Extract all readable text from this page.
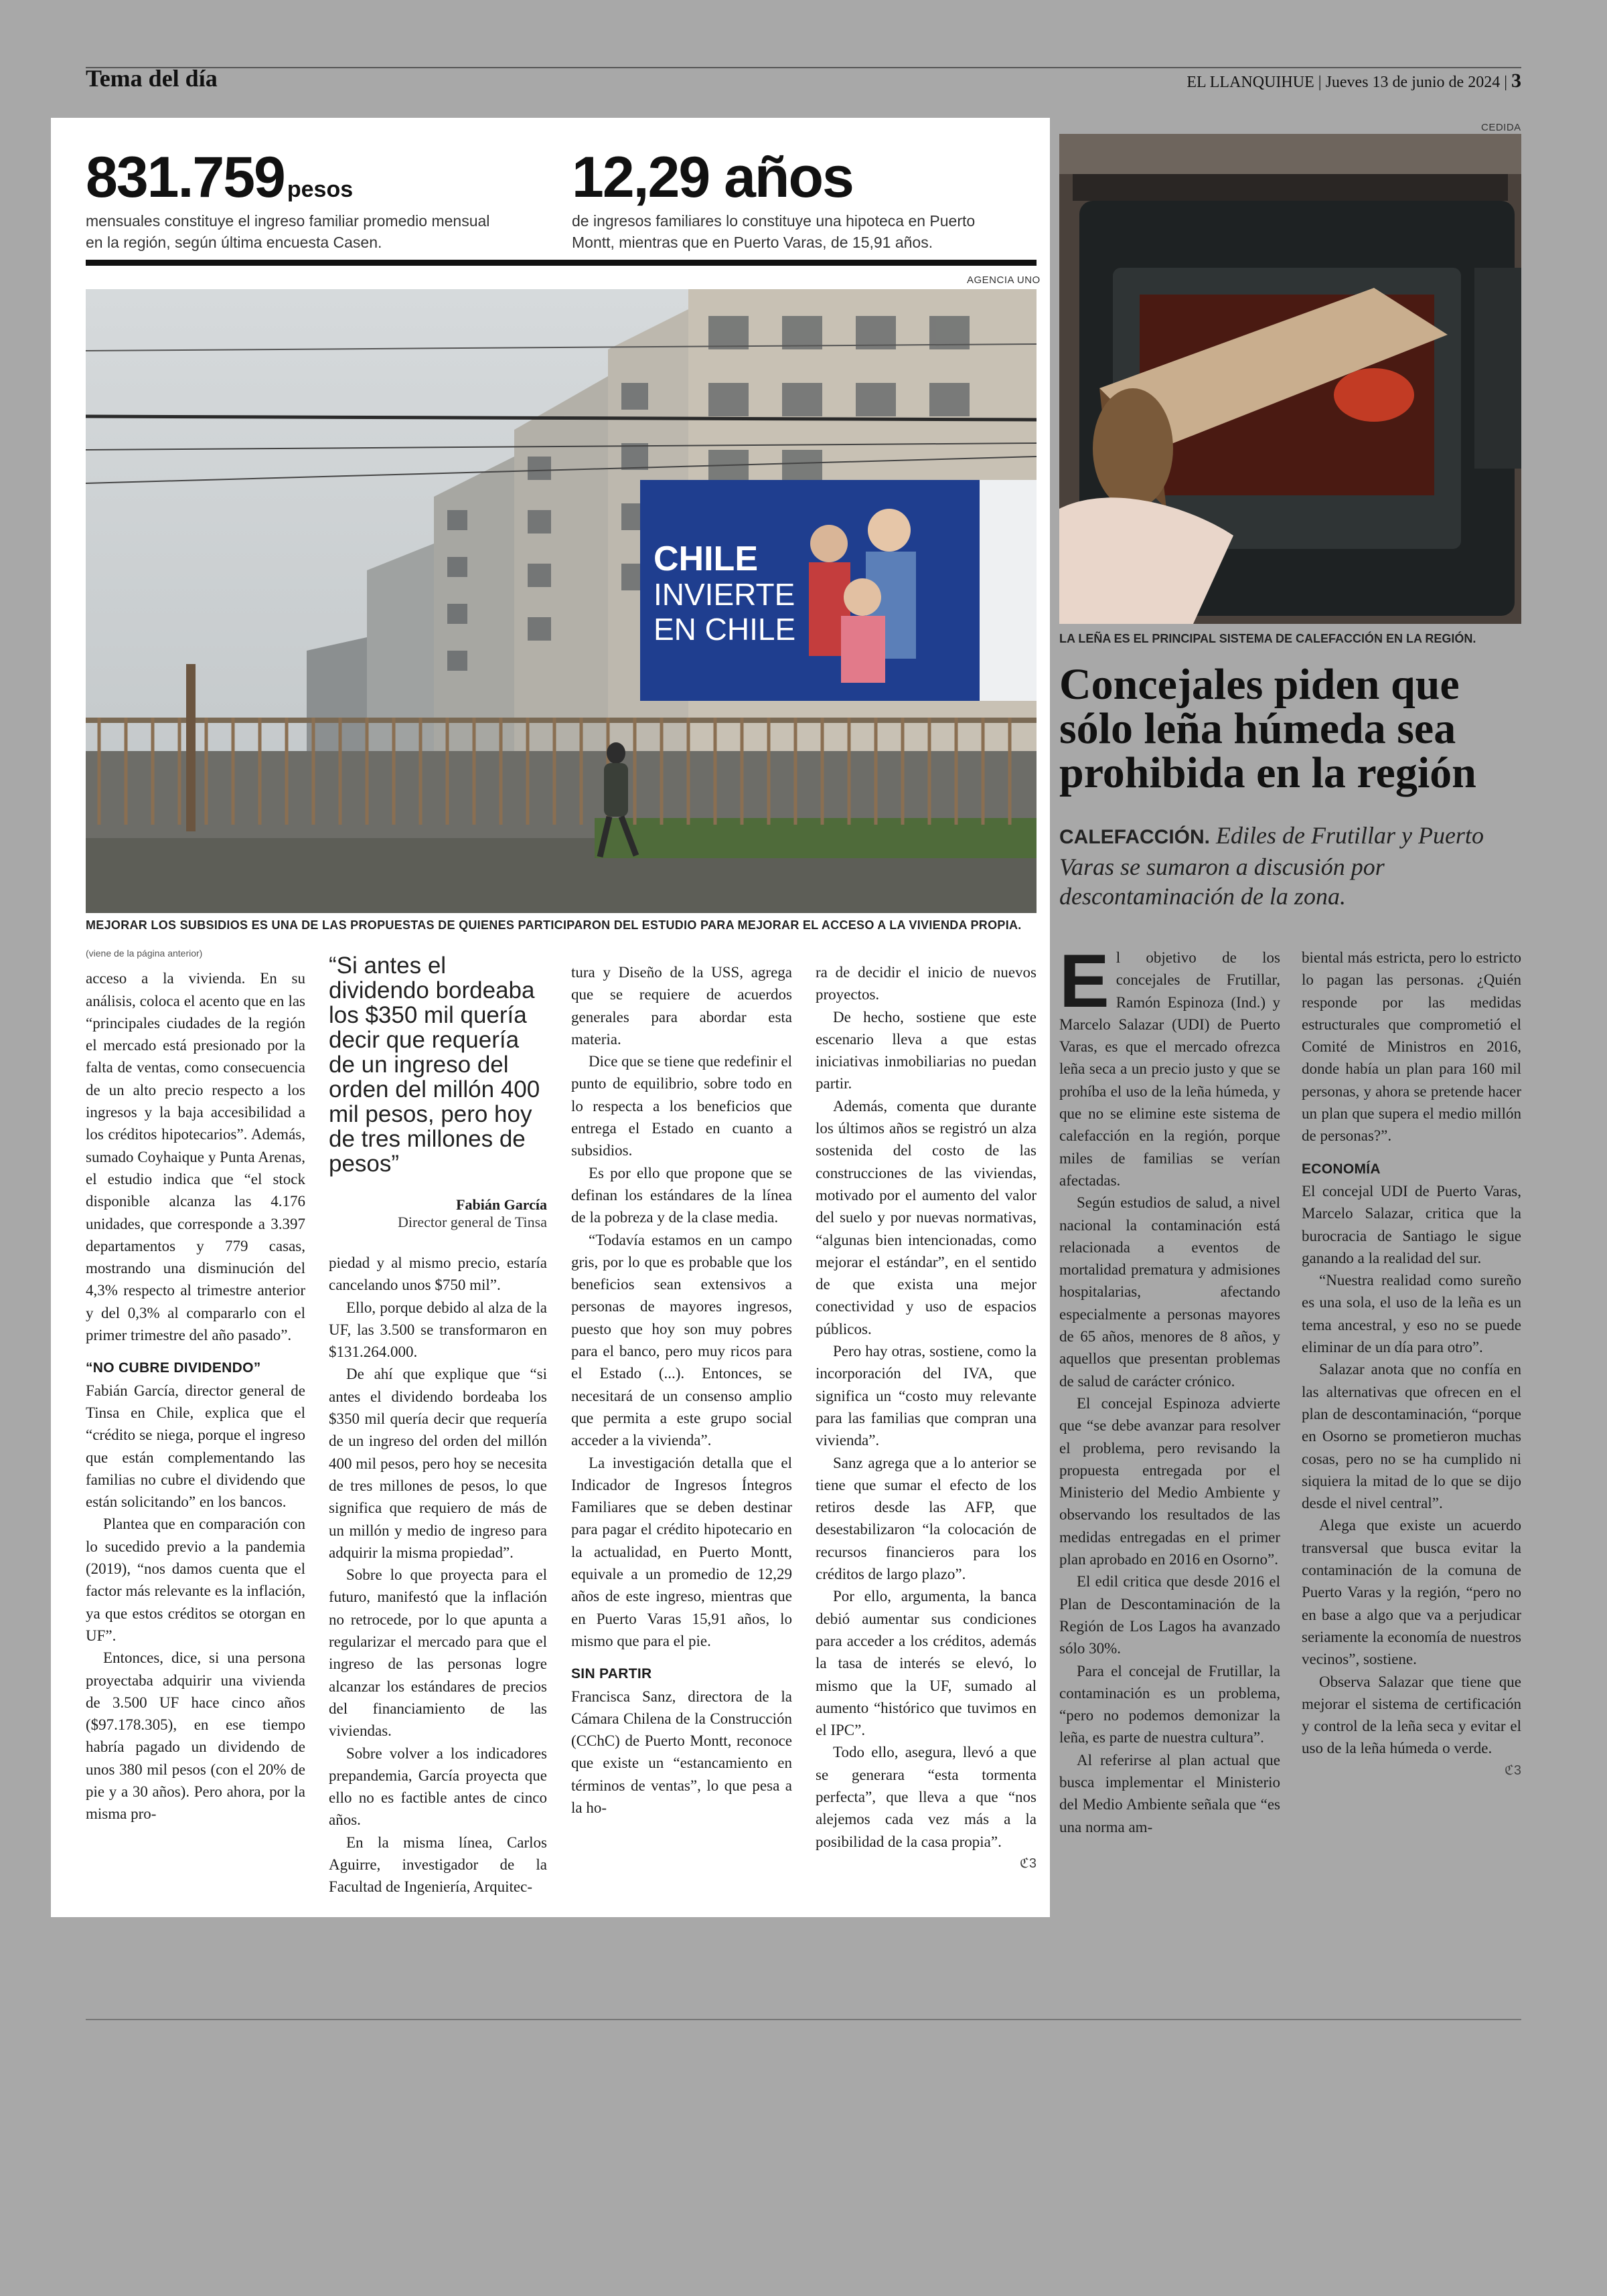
Tema del día	EL LLANQUIHUE | Jueves 13 de junio de 2024 | 3
831.759 pesos
mensuales constituye el ingreso familiar promedio mensual
en la región, según última encuesta Casen.
12,29 años
de ingresos familiares lo constituye una hipoteca en Puerto
Montt, mientras que en Puerto Varas, de 15,91 años.
AGENCIA UNO
CHILE
INVIERTE
EN CHILE
MEJORAR LOS SUBSIDIOS ES UNA DE LAS PROPUESTAS DE QUIENES PARTICIPARON DEL ESTUDIO PARA MEJORAR EL ACCESO A LA VIVIENDA PROPIA.
(viene de la página anterior)

acceso a la vivienda. En su análisis, coloca el acento que en las “principales ciudades de la región el mercado está presionado por la falta de ventas, como consecuencia de un alto precio respecto a los ingresos y la baja accesibilidad a los créditos hipotecarios”. Además, sumado Coyhaique y Punta Arenas, el estudio indica que “el stock disponible alcanza las 4.176 unidades, que corresponde a 3.397 departamentos y 779 casas, mostrando una disminución del 4,3% respecto al trimestre anterior y del 0,3% al compararlo con el primer trimestre del año pasado”.

“NO CUBRE DIVIDENDO”

Fabián García, director general de Tinsa en Chile, explica que el “crédito se niega, porque el ingreso que están complementando las familias no cubre el dividendo que están solicitando” en los bancos.

Plantea que en comparación con lo sucedido previo a la pandemia (2019), “nos damos cuenta que el factor más relevante es la inflación, ya que estos créditos se otorgan en UF”.

Entonces, dice, si una persona proyectaba adquirir una vivienda de 3.500 UF hace cinco años ($97.178.305), en ese tiempo habría pagado un dividendo de unos 380 mil pesos (con el 20% de pie y a 30 años). Pero ahora, por la misma pro-

“Si antes el dividendo bordeaba los $350 mil quería decir que requería de un ingreso del orden del millón 400 mil pesos, pero hoy de tres millones de pesos”
Fabián García
Director general de Tinsa

piedad y al mismo precio, estaría cancelando unos $750 mil”.

Ello, porque debido al alza de la UF, las 3.500 se transformaron en $131.264.000.

De ahí que explique que “si antes el dividendo bordeaba los $350 mil quería decir que requería de un ingreso del orden del millón 400 mil pesos, pero hoy se necesita de tres millones de pesos, lo que significa que requiero de más de un millón y medio de ingreso para adquirir la misma propiedad”.

Sobre lo que proyecta para el futuro, manifestó que la inflación no retrocede, por lo que apunta a regularizar el mercado para que el ingreso de las personas logre alcanzar los estándares de precios del financiamiento de las viviendas.

Sobre volver a los indicadores prepandemia, García proyecta que ello no es factible antes de cinco años.

En la misma línea, Carlos Aguirre, investigador de la Facultad de Ingeniería, Arquitec-

tura y Diseño de la USS, agrega que se requiere de acuerdos generales para abordar esta materia.

Dice que se tiene que redefinir el punto de equilibrio, sobre todo en lo respecta a los beneficios que entrega el Estado en cuanto a subsidios.

Es por ello que propone que se definan los estándares de la línea de la pobreza y de la clase media.

“Todavía estamos en un campo gris, por lo que es probable que los beneficios sean extensivos a personas de mayores ingresos, puesto que hoy son muy pobres para el banco, pero muy ricos para el Estado (...). Entonces, se necesitará de un consenso amplio que permita a este grupo social acceder a la vivienda”.

La investigación detalla que el Indicador de Ingresos Íntegros Familiares que se deben destinar para pagar el crédito hipotecario en la actualidad, en Puerto Montt, equivale a un promedio de 12,29 años de este ingreso, mientras que en Puerto Varas 15,91 años, lo mismo que para el pie.

SIN PARTIR

Francisca Sanz, directora de la Cámara Chilena de la Construcción (CChC) de Puerto Montt, reconoce que existe un “estancamiento en términos de ventas”, lo que pesa a la ho-

ra de decidir el inicio de nuevos proyectos.

De hecho, sostiene que este escenario lleva a que estas iniciativas inmobiliarias no puedan partir.

Además, comenta que durante los últimos años se registró un alza sostenida del costo de las construcciones de las viviendas, motivado por el aumento del valor del suelo y por nuevas normativas, “algunas bien intencionadas, como mejorar el estándar”, en el sentido de que exista una mejor conectividad y uso de espacios públicos.

Pero hay otras, sostiene, como la incorporación del IVA, que significa un “costo muy relevante para las familias que compran una vivienda”.

Sanz agrega que a lo anterior se tiene que sumar el efecto de los retiros desde las AFP, que desestabilizaron “la colocación de recursos financieros para los créditos de largo plazo”.

Por ello, argumenta, la banca debió aumentar sus condiciones para acceder a los créditos, además la tasa de interés se elevó, lo mismo que la UF, sumado al aumento “histórico que tuvimos en el IPC”.

Todo ello, asegura, llevó a que se generara “esta tormenta perfecta”, que lleva a que “nos alejemos cada vez más a la posibilidad de la casa propia”.

ℭ3
CEDIDA
LA LEÑA ES EL PRINCIPAL SISTEMA DE CALEFACCIÓN EN LA REGIÓN.
Concejales piden que sólo leña húmeda sea prohibida en la región
CALEFACCIÓN. Ediles de Frutillar y Puerto Varas se sumaron a discusión por descontaminación de la zona.

El objetivo de los concejales de Frutillar, Ramón Espinoza (Ind.) y Marcelo Salazar (UDI) de Puerto Varas, es que el mercado ofrezca leña seca a un precio justo y que se prohíba el uso de la leña húmeda, y que no se elimine este sistema de calefacción en la región, porque miles de familias se verían afectadas.

Según estudios de salud, a nivel nacional la contaminación está relacionada a eventos de mortalidad prematura y admisiones hospitalarias, afectando especialmente a personas mayores de 65 años, menores de 8 años, y aquellos que presentan problemas de salud de carácter crónico.

El concejal Espinoza advierte que “se debe avanzar para resolver el problema, pero revisando la propuesta entregada por el Ministerio del Medio Ambiente y observando los resultados de las medidas entregadas en el primer plan aprobado en 2016 en Osorno”.

El edil critica que desde 2016 el Plan de Descontaminación de la Región de Los Lagos ha avanzado sólo 30%.

Para el concejal de Frutillar, la contaminación es un problema, “pero no podemos demonizar la leña, es parte de nuestra cultura”.

Al referirse al plan actual que busca implementar el Ministerio del Medio Ambiente señala que “es una norma am-

biental más estricta, pero lo estricto lo pagan las personas. ¿Quién responde por las medidas estructurales que comprometió el Comité de Ministros en 2016, donde había un plan para 160 mil personas, y ahora se pretende hacer un plan que supera el medio millón de personas?”.

ECONOMÍA

El concejal UDI de Puerto Varas, Marcelo Salazar, critica que la burocracia de Santiago le sigue ganando a la realidad del sur.

“Nuestra realidad como sureño es una sola, el uso de la leña es un tema ancestral, y eso no se puede eliminar de un día para otro”.

Salazar anota que no confía en las alternativas que ofrecen en el plan de descontaminación, “porque en Osorno se prometieron muchas cosas, pero no se ha cumplido ni siquiera la mitad de lo que se dijo desde el nivel central”.

Alega que existe un acuerdo transversal que busca evitar la contaminación de la comuna de Puerto Varas y la región, “pero no en base a algo que va a perjudicar seriamente la economía de nuestros vecinos”, sostiene.

Observa Salazar que tiene que mejorar el sistema de certificación y control de la leña seca y evitar el uso de la leña húmeda o verde.

ℭ3
